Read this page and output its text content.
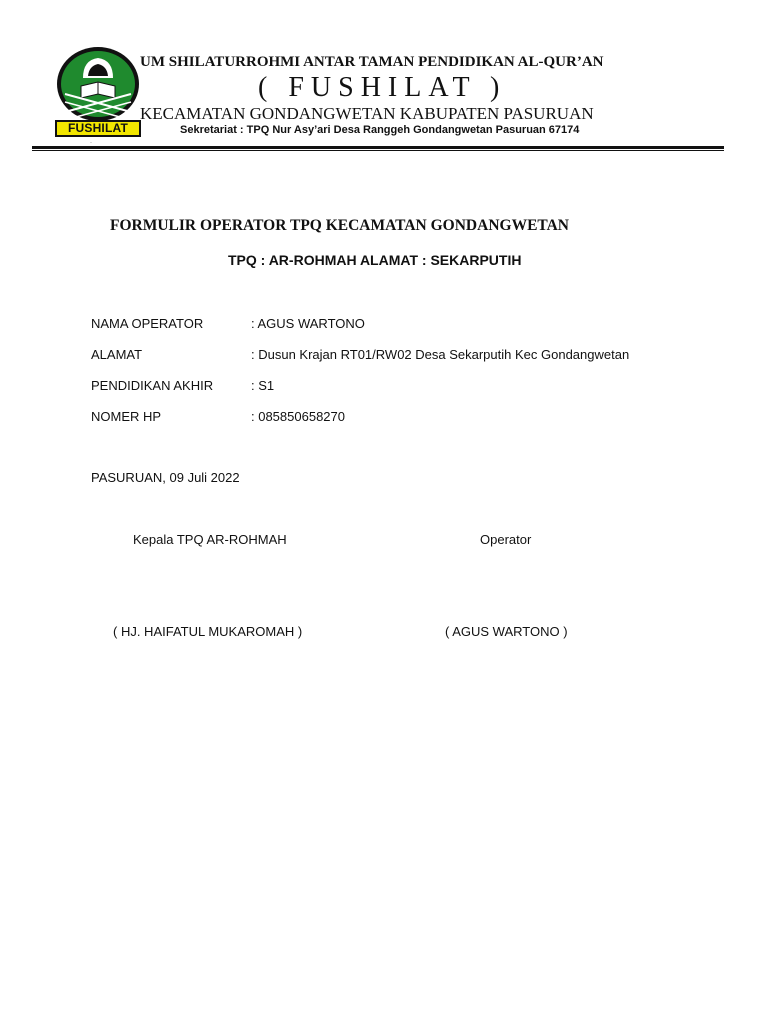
FUSHILAT
UM SHILATURROHMI ANTAR TAMAN PENDIDIKAN AL-QUR’AN
( FUSHILAT )
KECAMATAN GONDANGWETAN KABUPATEN PASURUAN
Sekretariat : TPQ Nur Asy’ari Desa Ranggeh Gondangwetan Pasuruan 67174
·
FORMULIR OPERATOR TPQ KECAMATAN GONDANGWETAN
TPQ : AR-ROHMAH ALAMAT : SEKARPUTIH
NAMA OPERATOR	: AGUS WARTONO
ALAMAT	: Dusun Krajan RT01/RW02 Desa Sekarputih Kec Gondangwetan
PENDIDIKAN AKHIR	: S1
NOMER HP	: 085850658270
PASURUAN, 09 Juli 2022
Kepala TPQ AR-ROHMAH	Operator
( HJ. HAIFATUL MUKAROMAH )	( AGUS WARTONO )
